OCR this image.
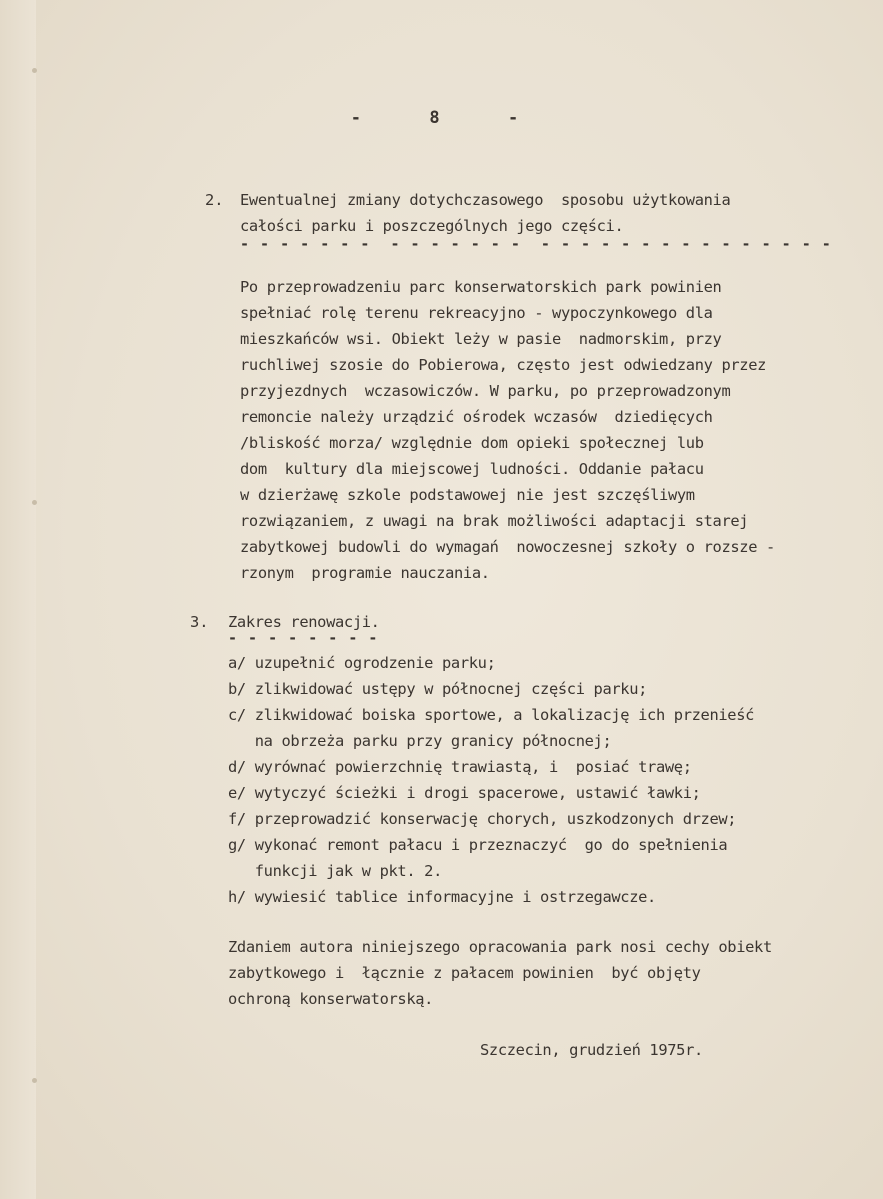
-      8      -
2. Ewentualnej zmiany dotychczasowego  sposobu użytkowania
całości parku i poszczególnych jego części.
- - - - - - -  - - - - - - -  - - - - - - - - - - - - - - -
Po przeprowadzeniu parc konserwatorskich park powinien
spełniać rolę terenu rekreacyjno - wypoczynkowego dla
mieszkańców wsi. Obiekt leży w pasie  nadmorskim, przy
ruchliwej szosie do Pobierowa, często jest odwiedzany przez
przyjezdnych  wczasowiczów. W parku, po przeprowadzonym
remoncie należy urządzić ośrodek wczasów  dziedięcych
/bliskość morza/ względnie dom opieki społecznej lub
dom  kultury dla miejscowej ludności. Oddanie pałacu
w dzierżawę szkole podstawowej nie jest szczęśliwym
rozwiązaniem, z uwagi na brak możliwości adaptacji starej
zabytkowej budowli do wymagań  nowoczesnej szkoły o rozsze -
rzonym  programie nauczania.
3. Zakres renowacji.
- - - - - - - -
a/ uzupełnić ogrodzenie parku;
b/ zlikwidować ustępy w północnej części parku;
c/ zlikwidować boiska sportowe, a lokalizację ich przenieść
na obrzeża parku przy granicy północnej;
d/ wyrównać powierzchnię trawiastą, i  posiać trawę;
e/ wytyczyć ścieżki i drogi spacerowe, ustawić ławki;
f/ przeprowadzić konserwację chorych, uszkodzonych drzew;
g/ wykonać remont pałacu i przeznaczyć  go do spełnienia
funkcji jak w pkt. 2.
h/ wywiesić tablice informacyjne i ostrzegawcze.
Zdaniem autora niniejszego opracowania park nosi cechy obiekt
zabytkowego i  łącznie z pałacem powinien  być objęty
ochroną konserwatorską.
Szczecin, grudzień 1975r.
